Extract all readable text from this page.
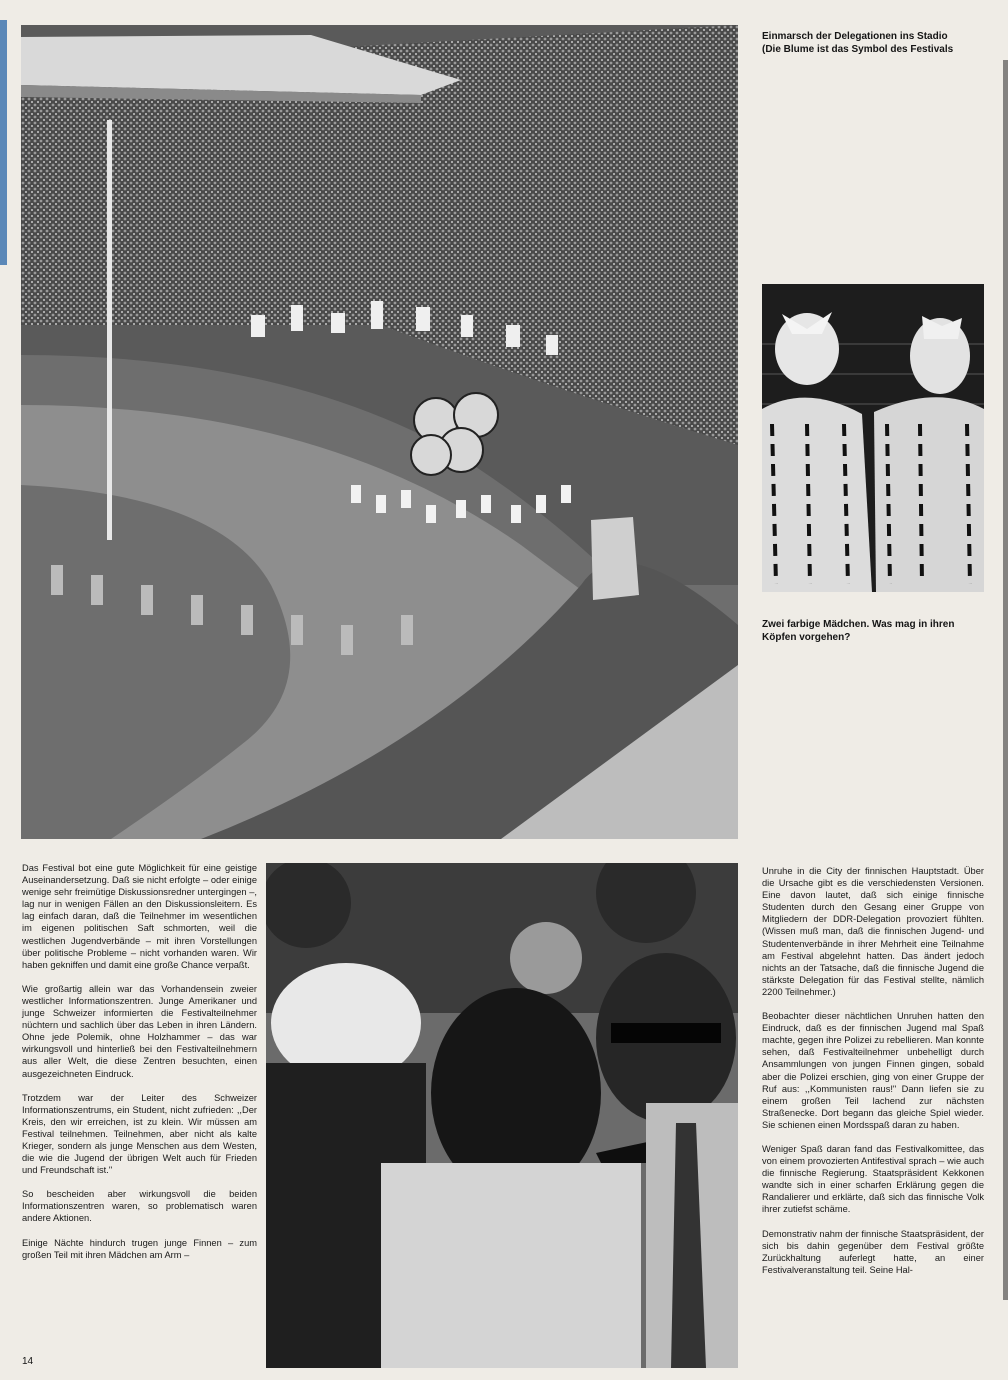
Einmarsch der Delegationen ins Stadio
(Die Blume ist das Symbol des Festivals
Zwei farbige Mädchen. Was mag in ihren
Köpfen vorgehen?

Das Festival bot eine gute Möglichkeit für eine geistige Auseinandersetzung. Daß sie nicht erfolgte – oder einige wenige sehr freimütige Diskussionsredner untergingen –, lag nur in wenigen Fällen an den Diskussionsleitern. Es lag einfach daran, daß die Teilnehmer im wesentlichen im eigenen politischen Saft schmorten, weil die westlichen Jugendverbände – mit ihren Vorstellungen über politische Probleme – nicht vorhanden waren. Wir haben gekniffen und damit eine große Chance verpaßt.

Wie großartig allein war das Vorhandensein zweier westlicher Informationszentren. Junge Amerikaner und junge Schweizer informierten die Festivalteilnehmer nüchtern und sachlich über das Leben in ihren Ländern. Ohne jede Polemik, ohne Holzhammer – das war wirkungsvoll und hinterließ bei den Festivalteilnehmern aus aller Welt, die diese Zentren besuchten, einen ausgezeichneten Eindruck.

Trotzdem war der Leiter des Schweizer Informationszentrums, ein Student, nicht zufrieden: ,,Der Kreis, den wir erreichen, ist zu klein. Wir müssen am Festival teilnehmen. Teilnehmen, aber nicht als kalte Krieger, sondern als junge Menschen aus dem Westen, die wie die Jugend der übrigen Welt auch für Frieden und Freundschaft ist."

So bescheiden aber wirkungsvoll die beiden Informationszentren waren, so problematisch waren andere Aktionen.

Einige Nächte hindurch trugen junge Finnen – zum großen Teil mit ihren Mädchen am Arm –

Unruhe in die City der finnischen Hauptstadt. Über die Ursache gibt es die verschiedensten Versionen. Eine davon lautet, daß sich einige finnische Studenten durch den Gesang einer Gruppe von Mitgliedern der DDR-Delegation provoziert fühlten. (Wissen muß man, daß die finnischen Jugend- und Studentenverbände in ihrer Mehrheit eine Teilnahme am Festival abgelehnt hatten. Das ändert jedoch nichts an der Tatsache, daß die finnische Jugend die stärkste Delegation für das Festival stellte, nämlich 2200 Teilnehmer.)

Beobachter dieser nächtlichen Unruhen hatten den Eindruck, daß es der finnischen Jugend mal Spaß machte, gegen ihre Polizei zu rebellieren. Man konnte sehen, daß Festivalteilnehmer unbehelligt durch Ansammlungen von jungen Finnen gingen, sobald aber die Polizei erschien, ging von einer Gruppe der Ruf aus: ,,Kommunisten raus!" Dann liefen sie zu einem großen Teil lachend zur nächsten Straßenecke. Dort begann das gleiche Spiel wieder. Sie schienen einen Mordsspaß daran zu haben.

Weniger Spaß daran fand das Festivalkomittee, das von einem provozierten Antifestival sprach – wie auch die finnische Regierung. Staatspräsident Kekkonen wandte sich in einer scharfen Erklärung gegen die Randalierer und erklärte, daß sich das finnische Volk ihrer zutiefst schäme.

Demonstrativ nahm der finnische Staatspräsident, der sich bis dahin gegenüber dem Festival größte Zurückhaltung auferlegt hatte, an einer Festivalveranstaltung teil. Seine Hal-

14
